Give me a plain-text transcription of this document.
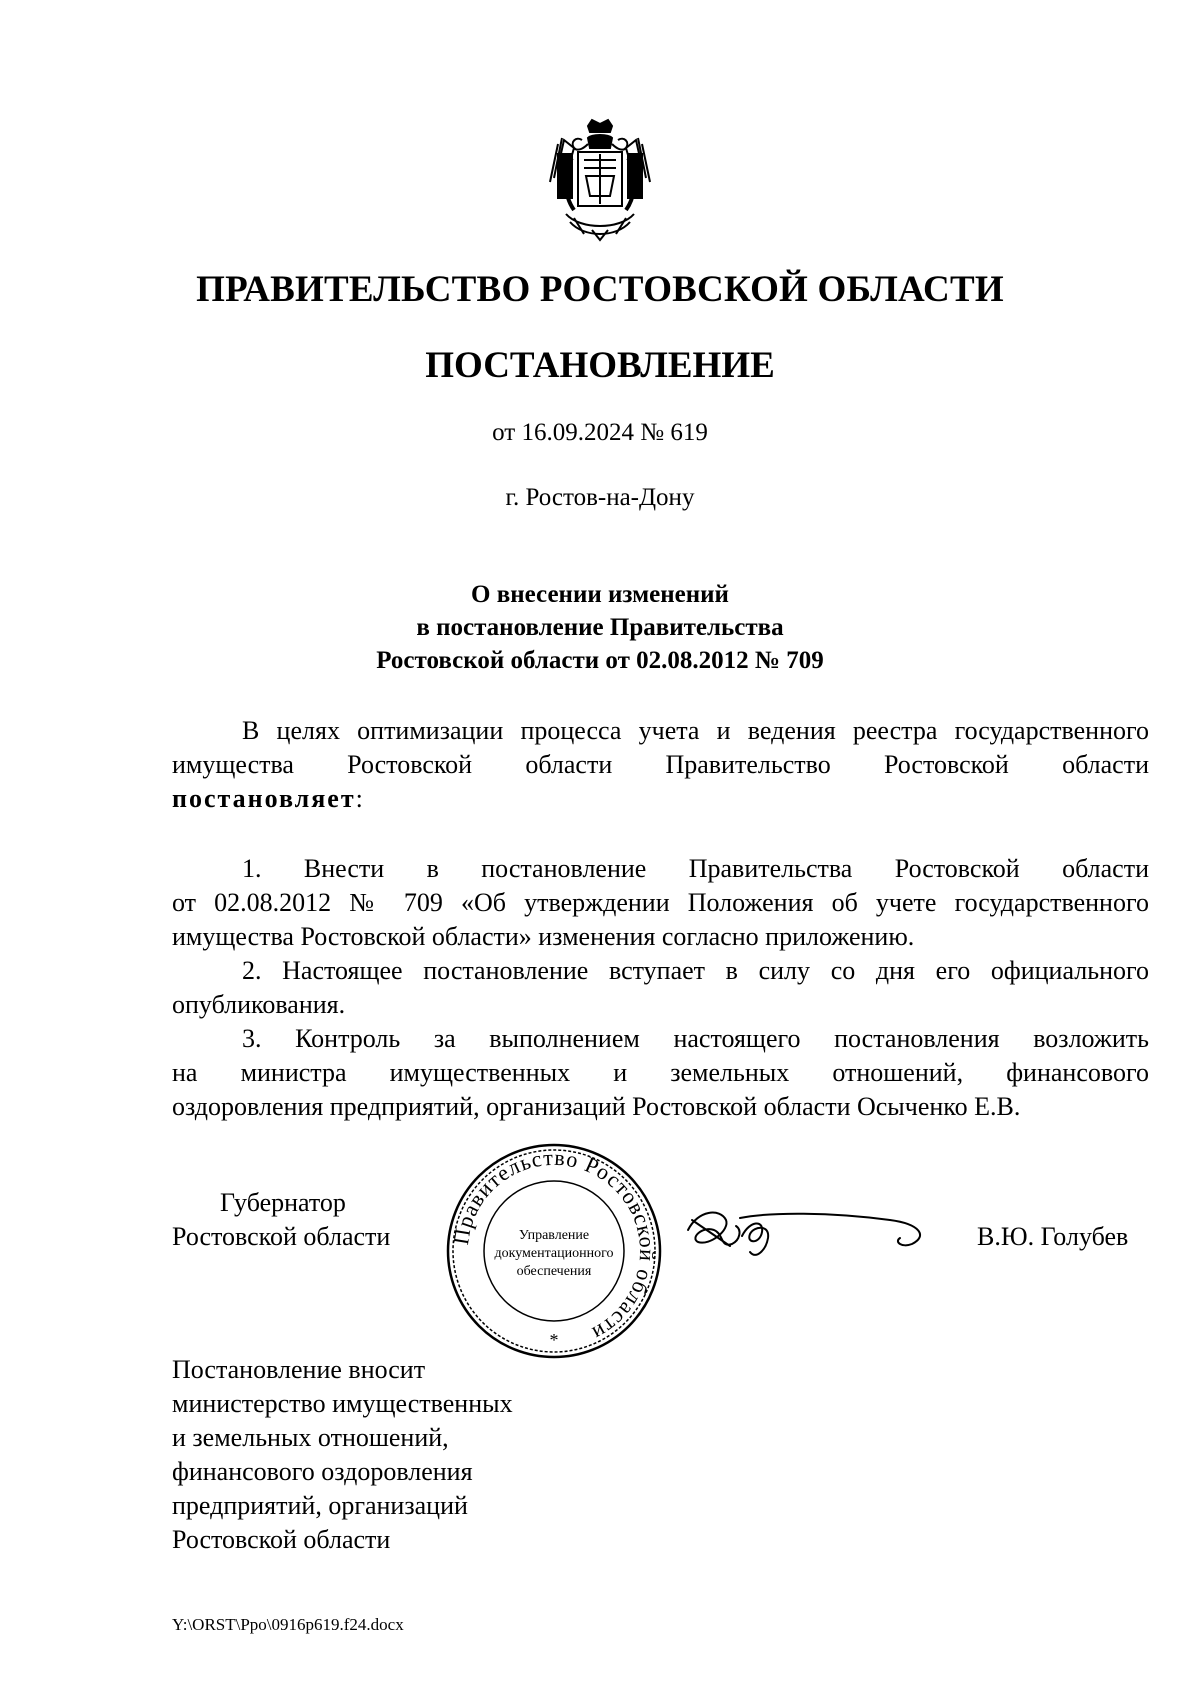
ПРАВИТЕЛЬСТВО РОСТОВСКОЙ ОБЛАСТИ
ПОСТАНОВЛЕНИЕ
от 16.09.2024 № 619
г. Ростов-на-Дону
О внесении изменений
в постановление Правительства
Ростовской области от 02.08.2012 № 709
В целях оптимизации процесса учета и ведения реестра государственного
имущества Ростовской области Правительство Ростовской области
постановляет:
1. Внести в постановление Правительства Ростовской области
от 02.08.2012 № 709 «Об утверждении Положения об учете государственного
имущества Ростовской области» изменения согласно приложению.
2. Настоящее постановление вступает в силу со дня его официального
опубликования.
3. Контроль за выполнением настоящего постановления возложить
на министра имущественных и земельных отношений, финансового
оздоровления предприятий, организаций Ростовской области Осыченко Е.В.
Губернатор
Ростовской области	В.Ю. Голубев
Правительство Ростовской области
Управление
документационного
обеспечения
*
Постановление вносит
министерство имущественных
и земельных отношений,
финансового оздоровления
предприятий, организаций
Ростовской области
Y:\ORST\Ppo\0916p619.f24.docx
